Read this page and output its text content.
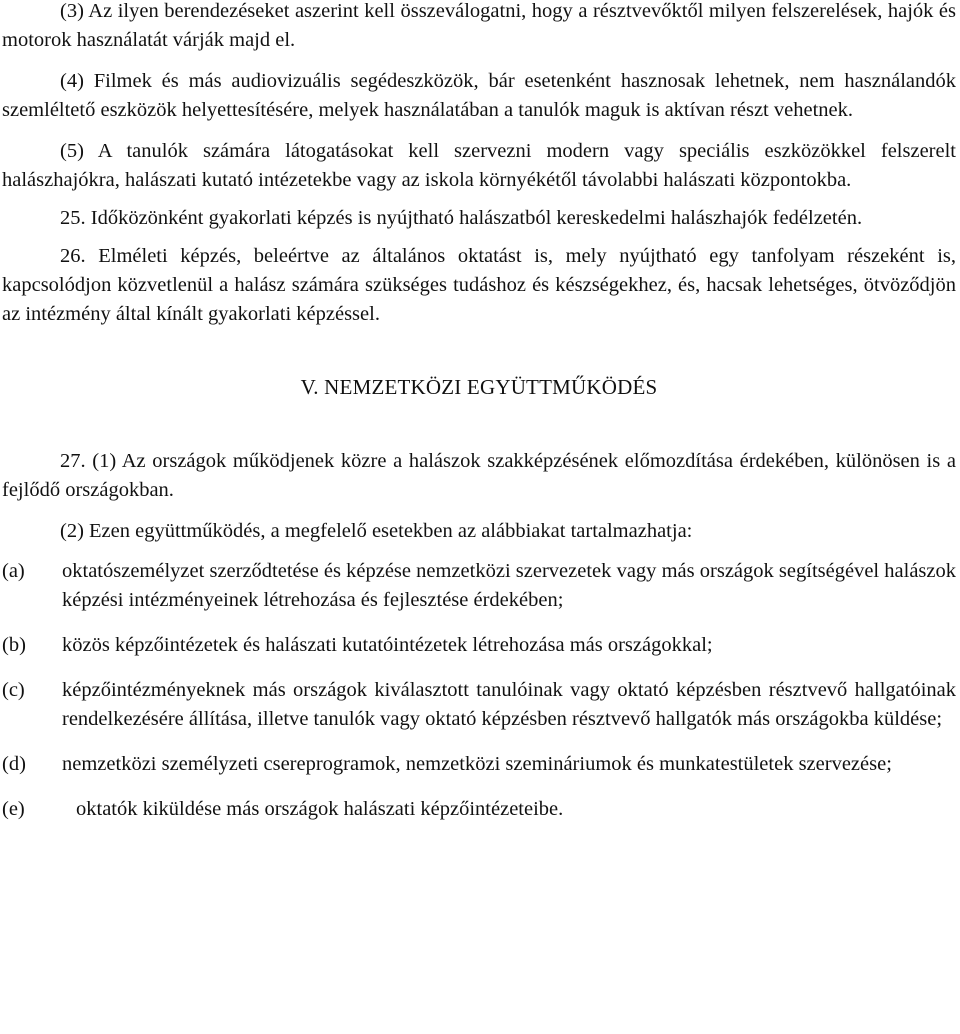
(3) Az ilyen berendezéseket aszerint kell összeválogatni, hogy a résztvevőktől milyen felszerelések, hajók és motorok használatát várják majd el.

(4) Filmek és más audiovizuális segédeszközök, bár esetenként hasznosak lehetnek, nem használandók szemléltető eszközök helyettesítésére, melyek használatában a tanulók maguk is aktívan részt vehetnek.

(5) A tanulók számára látogatásokat kell szervezni modern vagy speciális eszközökkel felszerelt halászhajókra, halászati kutató intézetekbe vagy az iskola környékétől távolabbi halászati központokba.

25. Időközönként gyakorlati képzés is nyújtható halászatból kereskedelmi halászhajók fedélzetén.

26. Elméleti képzés, beleértve az általános oktatást is, mely nyújtható egy tanfolyam részeként is, kapcsolódjon közvetlenül a halász számára szükséges tudáshoz és készségekhez, és, hacsak lehetséges, ötvöződjön az intézmény által kínált gyakorlati képzéssel.

V. NEMZETKÖZI EGYÜTTMŰKÖDÉS

27. (1) Az országok működjenek közre a halászok szakképzésének előmozdítása érdekében, különösen is a fejlődő országokban.

(2) Ezen együttműködés, a megfelelő esetekben az alábbiakat tartalmazhatja:

(a)	oktatószemélyzet szerződtetése és képzése nemzetközi szervezetek vagy más országok segítségével halászok képzési intézményeinek létrehozása és fejlesztése érdekében;
(b)	közös képzőintézetek és halászati kutatóintézetek létrehozása más országokkal;
(c)	képzőintézményeknek más országok kiválasztott tanulóinak vagy oktató képzésben résztvevő hallgatóinak rendelkezésére állítása, illetve tanulók vagy oktató képzésben résztvevő hallgatók más országokba küldése;
(d)	nemzetközi személyzeti csereprogramok, nemzetközi szemináriumok és munkatestületek szervezése;
(e)	oktatók kiküldése más országok halászati képzőintézeteibe.
